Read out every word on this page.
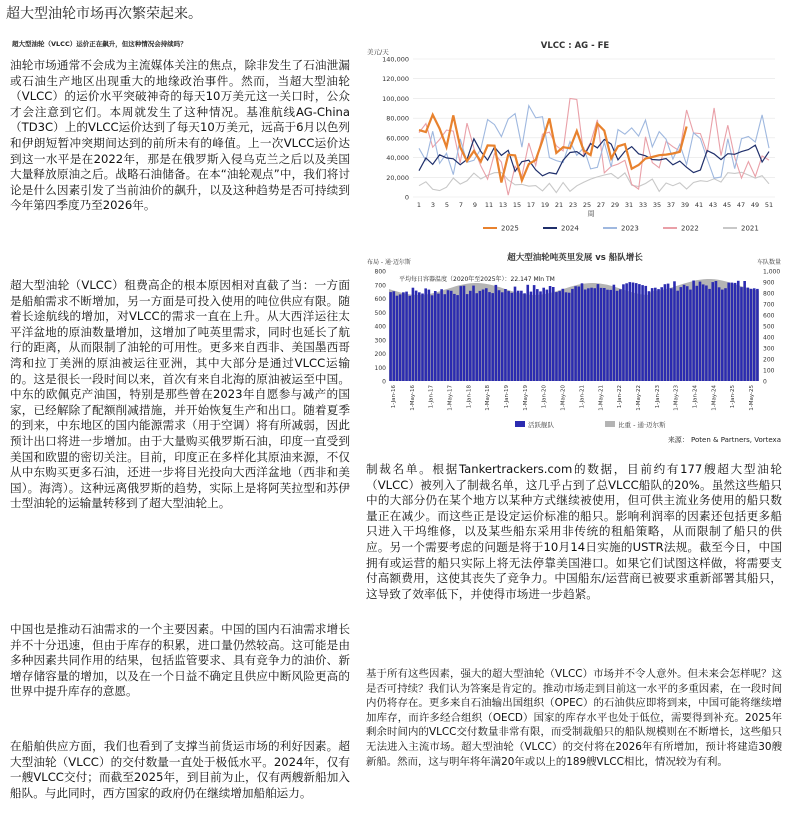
超大型油轮市场再次繁荣起来。
超大型油轮（VLCC）运价正在飙升，但这种情况会持续吗？
油轮市场通常不会成为主流媒体关注的焦点，除非发生了石油泄漏或石油生产地区出现重大的地缘政治事件。然而，当超大型油轮（VLCC）的运价水平突破神奇的每天10万美元这一关口时，公众才会注意到它们。本周就发生了这种情况。基准航线AG-China（TD3C）上的VLCC运价达到了每天10万美元，远高于6月以色列和伊朗短暂冲突期间达到的前所未有的峰值。上一次VLCC运价达到这一水平是在2022年，那是在俄罗斯入侵乌克兰之后以及美国大量释放原油之后。战略石油储备。在本“油轮观点”中，我们将讨论是什么因素引发了当前油价的飙升，以及这种趋势是否可持续到今年第四季度乃至2026年。
超大型油轮（VLCC）租费高企的根本原因相对直截了当：一方面是船舶需求不断增加，另一方面是可投入使用的吨位供应有限。随着长途航线的增加，对VLCC的需求一直在上升。从大西洋运往太平洋盆地的原油数量增加，这增加了吨英里需求，同时也延长了航行的距离，从而限制了油轮的可用性。更多来自西非、美国墨西哥湾和拉丁美洲的原油被运往亚洲，其中大部分是通过VLCC运输的。这是很长一段时间以来，首次有来自北海的原油被运至中国。中东的欧佩克产油国，特别是那些曾在2023年自愿参与减产的国家，已经解除了配额削减措施，并开始恢复生产和出口。随着夏季的到来，中东地区的国内能源需求（用于空调）将有所减弱，因此预计出口将进一步增加。由于大量购买俄罗斯石油，印度一直受到美国和欧盟的密切关注。目前，印度正在多样化其原油来源，不仅从中东购买更多石油，还进一步将目光投向大西洋盆地（西非和美国）。海湾）。这种远离俄罗斯的趋势，实际上是将阿芙拉型和苏伊士型油轮的运输量转移到了超大型油轮上。
中国也是推动石油需求的一个主要因素。中国的国内石油需求增长并不十分迅速，但由于库存的积累，进口量仍然较高。这可能是由多种因素共同作用的结果，包括监管要求、具有竞争力的油价、新增存储容量的增加，以及在一个日益不确定且供应中断风险更高的世界中提升库存的意愿。
在船舶供应方面，我们也看到了支撑当前货运市场的利好因素。超大型油轮（VLCC）的交付数量一直处于极低水平。2024年，仅有一艘VLCC交付；而截至2025年，到目前为止，仅有两艘新船加入船队。与此同时，西方国家的政府仍在继续增加船舶运力。
制裁名单。根据Tankertrackers.com的数据，目前约有177艘超大型油轮（VLCC）被列入了制裁名单，这几乎占到了总VLCC船队的20%。虽然这些船只中的大部分仍在某个地方以某种方式继续被使用，但可供主流业务使用的船只数量正在减少。而这些正是设定运价标准的船只。影响利润率的因素还包括更多船只进入干坞维修，以及某些船东采用非传统的租船策略，从而限制了船只的供应。另一个需要考虑的问题是将于10月14日实施的USTR法规。截至今日，中国拥有或运营的船只实际上将无法停靠美国港口。如果它们试图这样做，将需要支付高额费用，这使其丧失了竞争力。中国船东/运营商已被要求重新部署其船只，这导致了效率低下，并使得市场进一步趋紧。
基于所有这些因素，强大的超大型油轮（VLCC）市场并不令人意外。但未来会怎样呢？这是否可持续？我们认为答案是肯定的。推动市场走到目前这一水平的多重因素，在一段时间内仍将存在。更多来自石油输出国组织（OPEC）的石油供应即将到来，中国可能将继续增加库存，而许多经合组织（OECD）国家的库存水平也处于低位，需要得到补充。2025年剩余时间内的VLCC交付数量非常有限，而受制裁船只的船队规模则在不断增长，这些船只无法进入主流市场。超大型油轮（VLCC）的交付将在2026年有所增加，预计将建造30艘新船。然而，这与明年将年满20年或以上的189艘VLCC相比，情况较为有利。
VLCC : AG - FE
美元/天
140,000
120,000
100,000
80,000
60,000
40,000
20,000
0
1 3 5 7 9 11 13 15 17 19 21 23 25 27 29 31 33 35 37 39 41 43 45 47 49 51
周
2025	2024	2023	2022	2021
超大型油轮吨英里发展 vs 船队增长
布局 - 通·迈尔斯	车队数量
800
700
600
500
400
300
200
100
0
1,000
900
800
700
600
500
400
300
200
100
0
平均每日容器温度（2020年至2025年）：22.147 Mln TM
1-Jan-16 1-May-16 1-Jan-17 1-May-17 1-Jan-18 1-May-18 1-Jan-19 1-May-19 1-Jan-20 1-May-20 1-Jan-21 1-May-21 1-Jan-22 1-May-22 1-Jan-23 1-May-23 1-Jan-24 1-May-24 1-Jan-25 1-May-25
活跃舰队	比重 - 通·迈尔斯
来源： Poten & Partners, Vortexa
